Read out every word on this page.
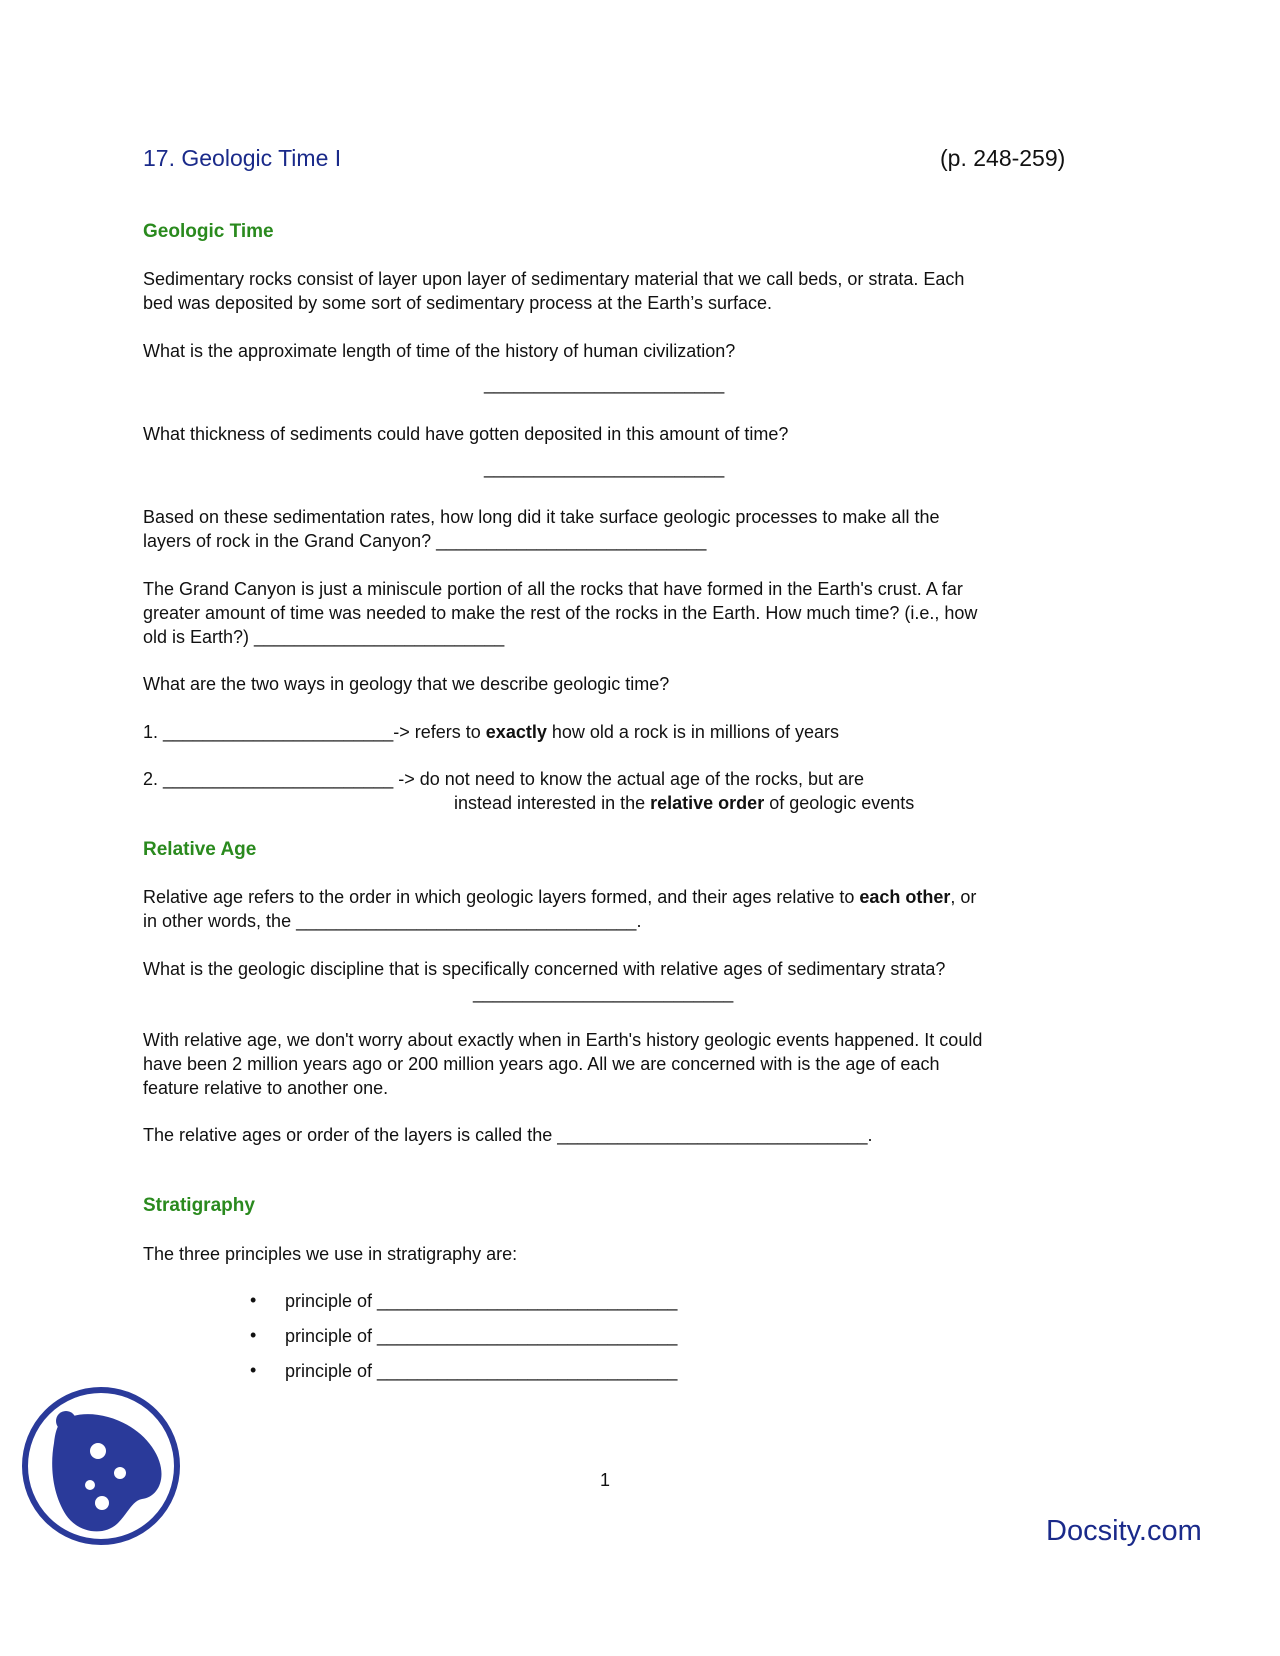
17. Geologic Time I	(p. 248-259)
Geologic Time
Sedimentary rocks consist of layer upon layer of sedimentary material that we call beds, or strata. Each
bed was deposited by some sort of sedimentary process at the Earth’s surface.
What is the approximate length of time of the history of human civilization?
________________________
What thickness of sediments could have gotten deposited in this amount of time?
________________________
Based on these sedimentation rates, how long did it take surface geologic processes to make all the
layers of rock in the Grand Canyon? ___________________________
The Grand Canyon is just a miniscule portion of all the rocks that have formed in the Earth's crust. A far
greater amount of time was needed to make the rest of the rocks in the Earth. How much time? (i.e., how
old is Earth?) _________________________
What are the two ways in geology that we describe geologic time?
1. _______________________-> refers to exactly how old a rock is in millions of years
2. _______________________ -> do not need to know the actual age of the rocks, but are
instead interested in the relative order of geologic events
Relative Age
Relative age refers to the order in which geologic layers formed, and their ages relative to each other, or
in other words, the __________________________________.
What is the geologic discipline that is specifically concerned with relative ages of sedimentary strata?
__________________________
With relative age, we don't worry about exactly when in Earth's history geologic events happened. It could
have been 2 million years ago or 200 million years ago. All we are concerned with is the age of each
feature relative to another one.
The relative ages or order of the layers is called the _______________________________.
Stratigraphy
The three principles we use in stratigraphy are:
• principle of ______________________________
• principle of ______________________________
• principle of ______________________________
1
Docsity.com
